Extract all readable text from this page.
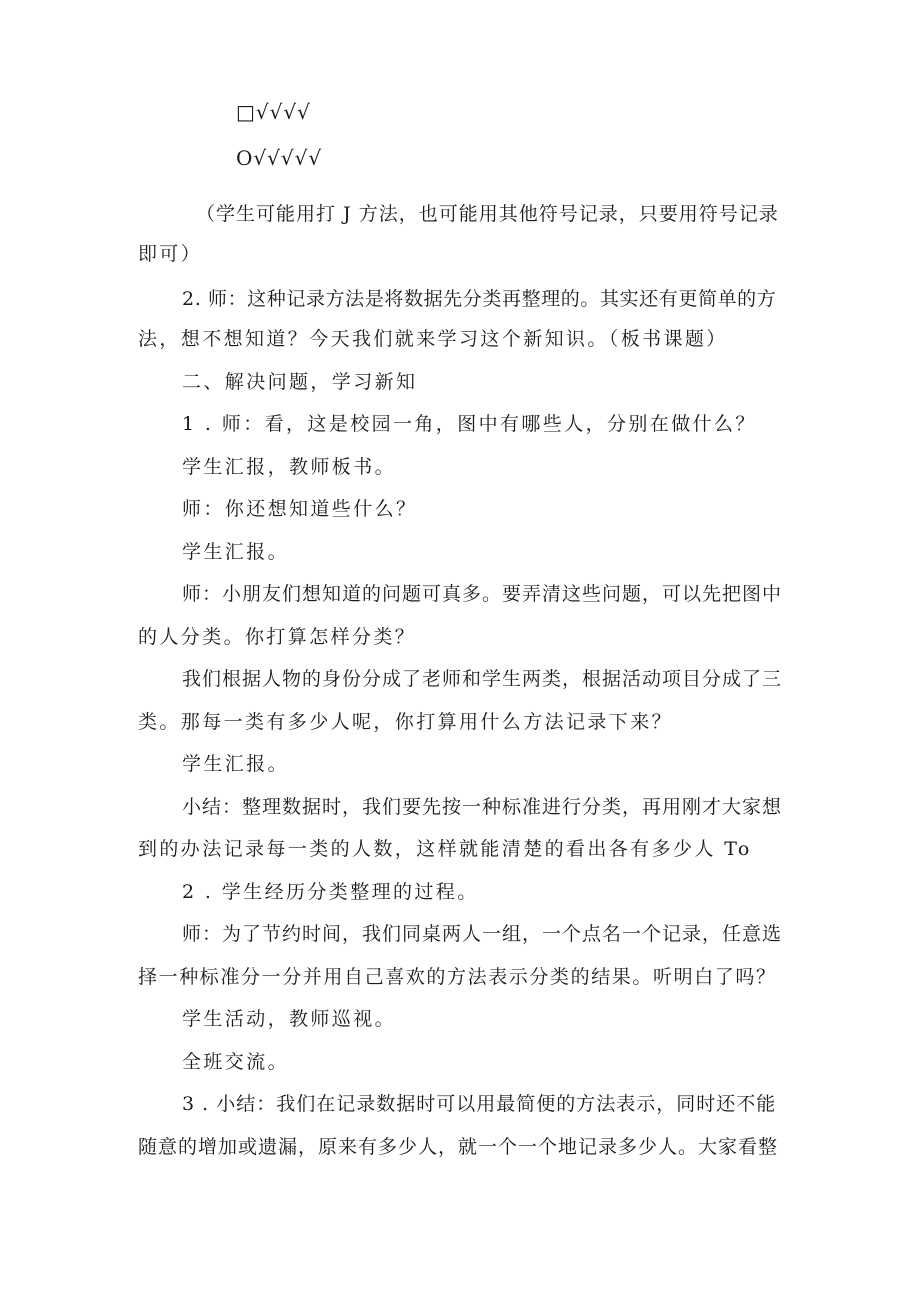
□√√√√
O√√√√√
（学生可能用打 J 方法，也可能用其他符号记录，只要用符号记录
即可）
2. 师：这种记录方法是将数据先分类再整理的。其实还有更简单的方
法，想不想知道？今天我们就来学习这个新知识。（板书课题）
二、解决问题，学习新知
1 . 师：看，这是校园一角，图中有哪些人，分别在做什么？
学生汇报，教师板书。
师：你还想知道些什么？
学生汇报。
师：小朋友们想知道的问题可真多。要弄清这些问题，可以先把图中
的人分类。你打算怎样分类？
我们根据人物的身份分成了老师和学生两类，根据活动项目分成了三
类。那每一类有多少人呢，你打算用什么方法记录下来？
学生汇报。
小结：整理数据时，我们要先按一种标准进行分类，再用刚才大家想
到的办法记录每一类的人数，这样就能清楚的看出各有多少人 To
2 . 学生经历分类整理的过程。
师：为了节约时间，我们同桌两人一组，一个点名一个记录，任意选
择一种标准分一分并用自己喜欢的方法表示分类的结果。听明白了吗？
学生活动，教师巡视。
全班交流。
3 . 小结：我们在记录数据时可以用最简便的方法表示，同时还不能
随意的增加或遗漏，原来有多少人，就一个一个地记录多少人。大家看整
